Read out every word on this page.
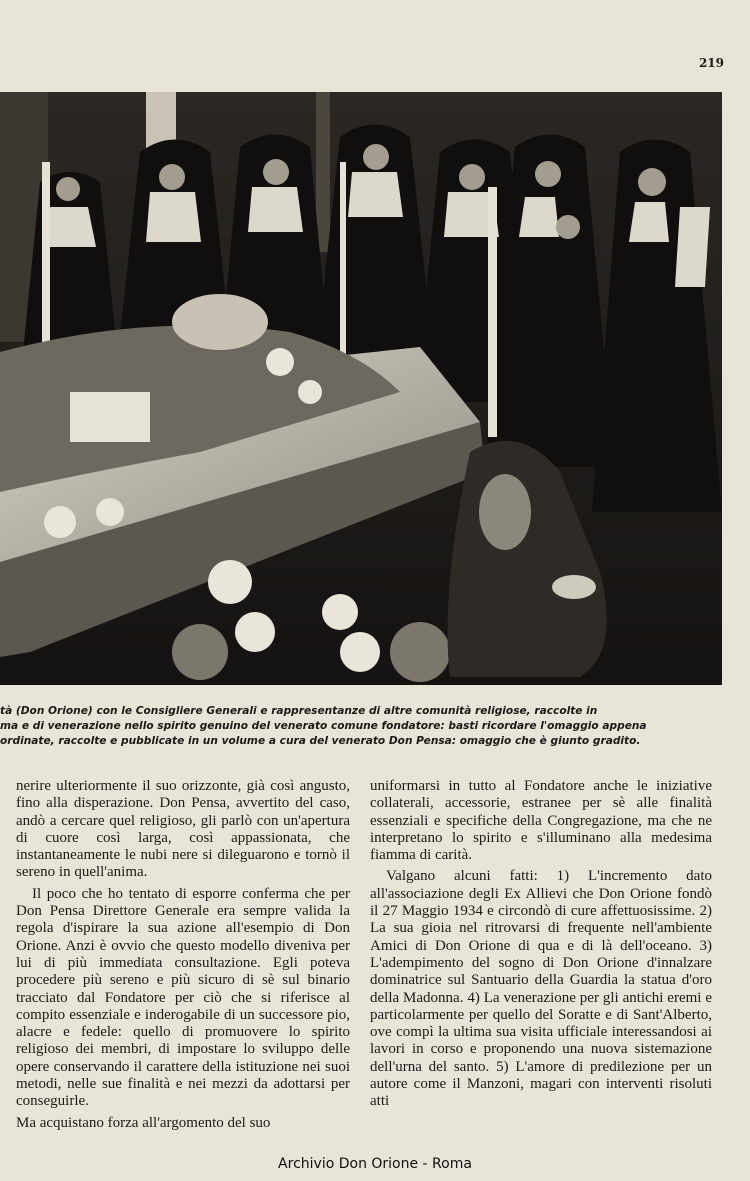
219
tà (Don Orione) con le Consigliere Generali e rappresentanze di altre comunità religiose, raccolte in
ma e di venerazione nello spirito genuino del venerato comune fondatore: basti ricordare l'omaggio appena
ordinate, raccolte e pubblicate in un volume a cura del venerato Don Pensa: omaggio che è giunto gradito.

nerire ulteriormente il suo orizzonte, già così angusto, fino alla disperazione. Don Pensa, avvertito del caso, andò a cercare quel religioso, gli parlò con un'apertura di cuore così larga, così appassionata, che instantaneamente le nubi nere si dileguarono e tornò il sereno in quell'anima.

Il poco che ho tentato di esporre conferma che per Don Pensa Direttore Generale era sempre valida la regola d'ispirare la sua azione all'esempio di Don Orione. Anzi è ovvio che questo modello diveniva per lui di più immediata consultazione. Egli poteva procedere più sereno e più sicuro di sè sul binario tracciato dal Fondatore per ciò che si riferisce al compito essenziale e inderogabile di un successore pio, alacre e fedele: quello di promuovere lo spirito religioso dei membri, di impostare lo sviluppo delle opere conservando il carattere della istituzione nei suoi metodi, nelle sue finalità e nei mezzi da adottarsi per conseguirle.

Ma acquistano forza all'argomento del suo

uniformarsi in tutto al Fondatore anche le iniziative collaterali, accessorie, estranee per sè alle finalità essenziali e specifiche della Congregazione, ma che ne interpretano lo spirito e s'illuminano alla medesima fiamma di carità.

Valgano alcuni fatti: 1) L'incremento dato all'associazione degli Ex Allievi che Don Orione fondò il 27 Maggio 1934 e circondò di cure affettuosissime. 2) La sua gioia nel ritrovarsi di frequente nell'ambiente Amici di Don Orione di qua e di là dell'oceano. 3) L'adempimento del sogno di Don Orione d'innalzare dominatrice sul Santuario della Guardia la statua d'oro della Madonna. 4) La venerazione per gli antichi eremi e particolarmente per quello del Soratte e di Sant'Alberto, ove compì la ultima sua visita ufficiale interessandosi ai lavori in corso e proponendo una nuova sistemazione dell'urna del santo. 5) L'amore di predilezione per un autore come il Manzoni, magari con interventi risoluti atti

Archivio Don Orione - Roma
